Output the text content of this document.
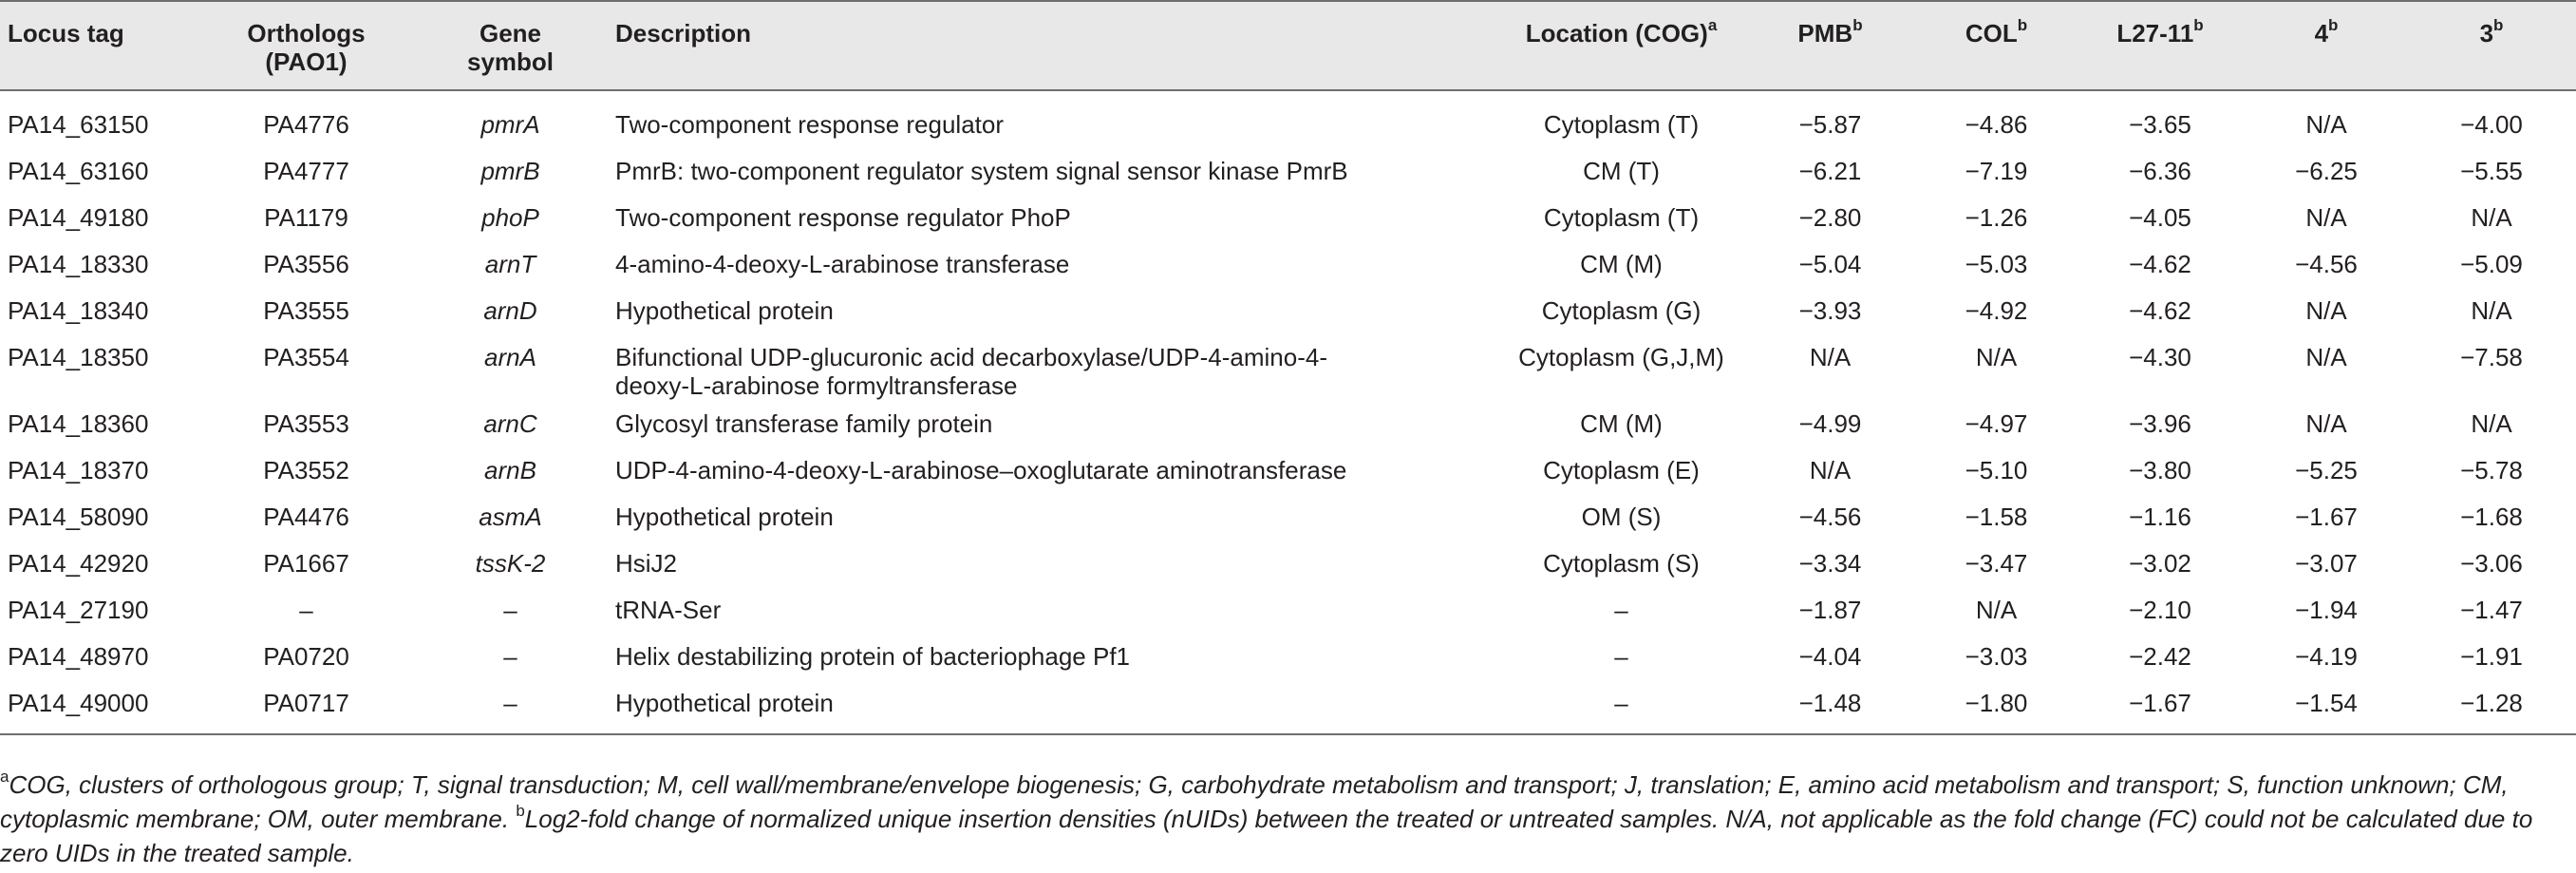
Locus tag	Orthologs (PAO1)	Gene symbol	Description	Location (COG)$^a$	PMB$^b$	COL$^b$	L27-11$^b$	4$^b$	3$^b$
PA14_63150	PA4776	pmrA	Two-component response regulator	Cytoplasm (T)	−5.87	−4.86	−3.65	N/A	−4.00
PA14_63160	PA4777	pmrB	PmrB: two-component regulator system signal sensor kinase PmrB	CM (T)	−6.21	−7.19	−6.36	−6.25	−5.55
PA14_49180	PA1179	phoP	Two-component response regulator PhoP	Cytoplasm (T)	−2.80	−1.26	−4.05	N/A	N/A
PA14_18330	PA3556	arnT	4-amino-4-deoxy-L-arabinose transferase	CM (M)	−5.04	−5.03	−4.62	−4.56	−5.09
PA14_18340	PA3555	arnD	Hypothetical protein	Cytoplasm (G)	−3.93	−4.92	−4.62	N/A	N/A
PA14_18350	PA3554	arnA	Bifunctional UDP-glucuronic acid decarboxylase/UDP-4-amino-4-deoxy-L-arabinose formyltransferase	Cytoplasm (G,J,M)	N/A	N/A	−4.30	N/A	−7.58
PA14_18360	PA3553	arnC	Glycosyl transferase family protein	CM (M)	−4.99	−4.97	−3.96	N/A	N/A
PA14_18370	PA3552	arnB	UDP-4-amino-4-deoxy-L-arabinose–oxoglutarate aminotransferase	Cytoplasm (E)	N/A	−5.10	−3.80	−5.25	−5.78
PA14_58090	PA4476	asmA	Hypothetical protein	OM (S)	−4.56	−1.58	−1.16	−1.67	−1.68
PA14_42920	PA1667	tssK-2	HsiJ2	Cytoplasm (S)	−3.34	−3.47	−3.02	−3.07	−3.06
PA14_27190	–	–	tRNA-Ser	–	−1.87	N/A	−2.10	−1.94	−1.47
PA14_48970	PA0720	–	Helix destabilizing protein of bacteriophage Pf1	–	−4.04	−3.03	−2.42	−4.19	−1.91
PA14_49000	PA0717	–	Hypothetical protein	–	−1.48	−1.80	−1.67	−1.54	−1.28
$^a$COG, clusters of orthologous group; T, signal transduction; M, cell wall/membrane/envelope biogenesis; G, carbohydrate metabolism and transport; J, translation; E, amino acid metabolism and transport; S, function unknown; CM, cytoplasmic membrane; OM, outer membrane. $^b$Log2-fold change of normalized unique insertion densities (nUIDs) between the treated or untreated samples. N/A, not applicable as the fold change (FC) could not be calculated due to zero UIDs in the treated sample.
